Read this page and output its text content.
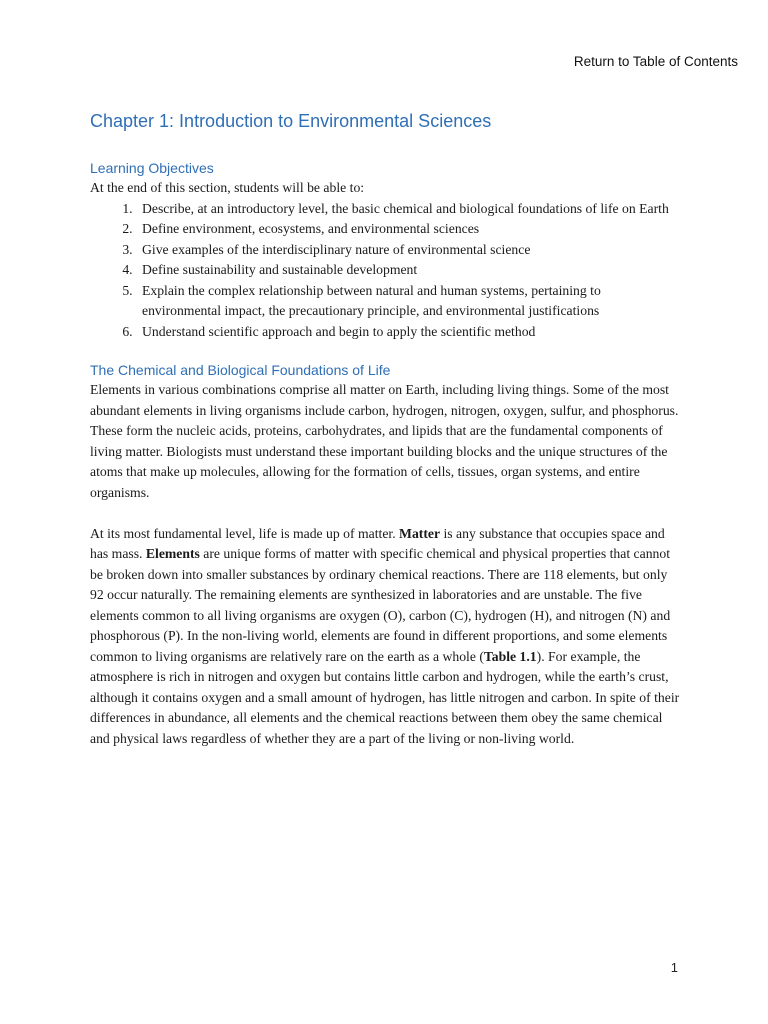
Return to Table of Contents
Chapter 1: Introduction to Environmental Sciences
Learning Objectives

At the end of this section, students will be able to:

1. Describe, at an introductory level, the basic chemical and biological foundations of life on Earth
2. Define environment, ecosystems, and environmental sciences
3. Give examples of the interdisciplinary nature of environmental science
4. Define sustainability and sustainable development
5. Explain the complex relationship between natural and human systems, pertaining to environmental impact, the precautionary principle, and environmental justifications
6. Understand scientific approach and begin to apply the scientific method
The Chemical and Biological Foundations of Life

Elements in various combinations comprise all matter on Earth, including living things. Some of the most abundant elements in living organisms include carbon, hydrogen, nitrogen, oxygen, sulfur, and phosphorus. These form the nucleic acids, proteins, carbohydrates, and lipids that are the fundamental components of living matter. Biologists must understand these important building blocks and the unique structures of the atoms that make up molecules, allowing for the formation of cells, tissues, organ systems, and entire organisms.

At its most fundamental level, life is made up of matter. Matter is any substance that occupies space and has mass. Elements are unique forms of matter with specific chemical and physical properties that cannot be broken down into smaller substances by ordinary chemical reactions. There are 118 elements, but only 92 occur naturally. The remaining elements are synthesized in laboratories and are unstable. The five elements common to all living organisms are oxygen (O), carbon (C), hydrogen (H), and nitrogen (N) and phosphorous (P). In the non-living world, elements are found in different proportions, and some elements common to living organisms are relatively rare on the earth as a whole (Table 1.1). For example, the atmosphere is rich in nitrogen and oxygen but contains little carbon and hydrogen, while the earth’s crust, although it contains oxygen and a small amount of hydrogen, has little nitrogen and carbon. In spite of their differences in abundance, all elements and the chemical reactions between them obey the same chemical and physical laws regardless of whether they are a part of the living or non-living world.

1
